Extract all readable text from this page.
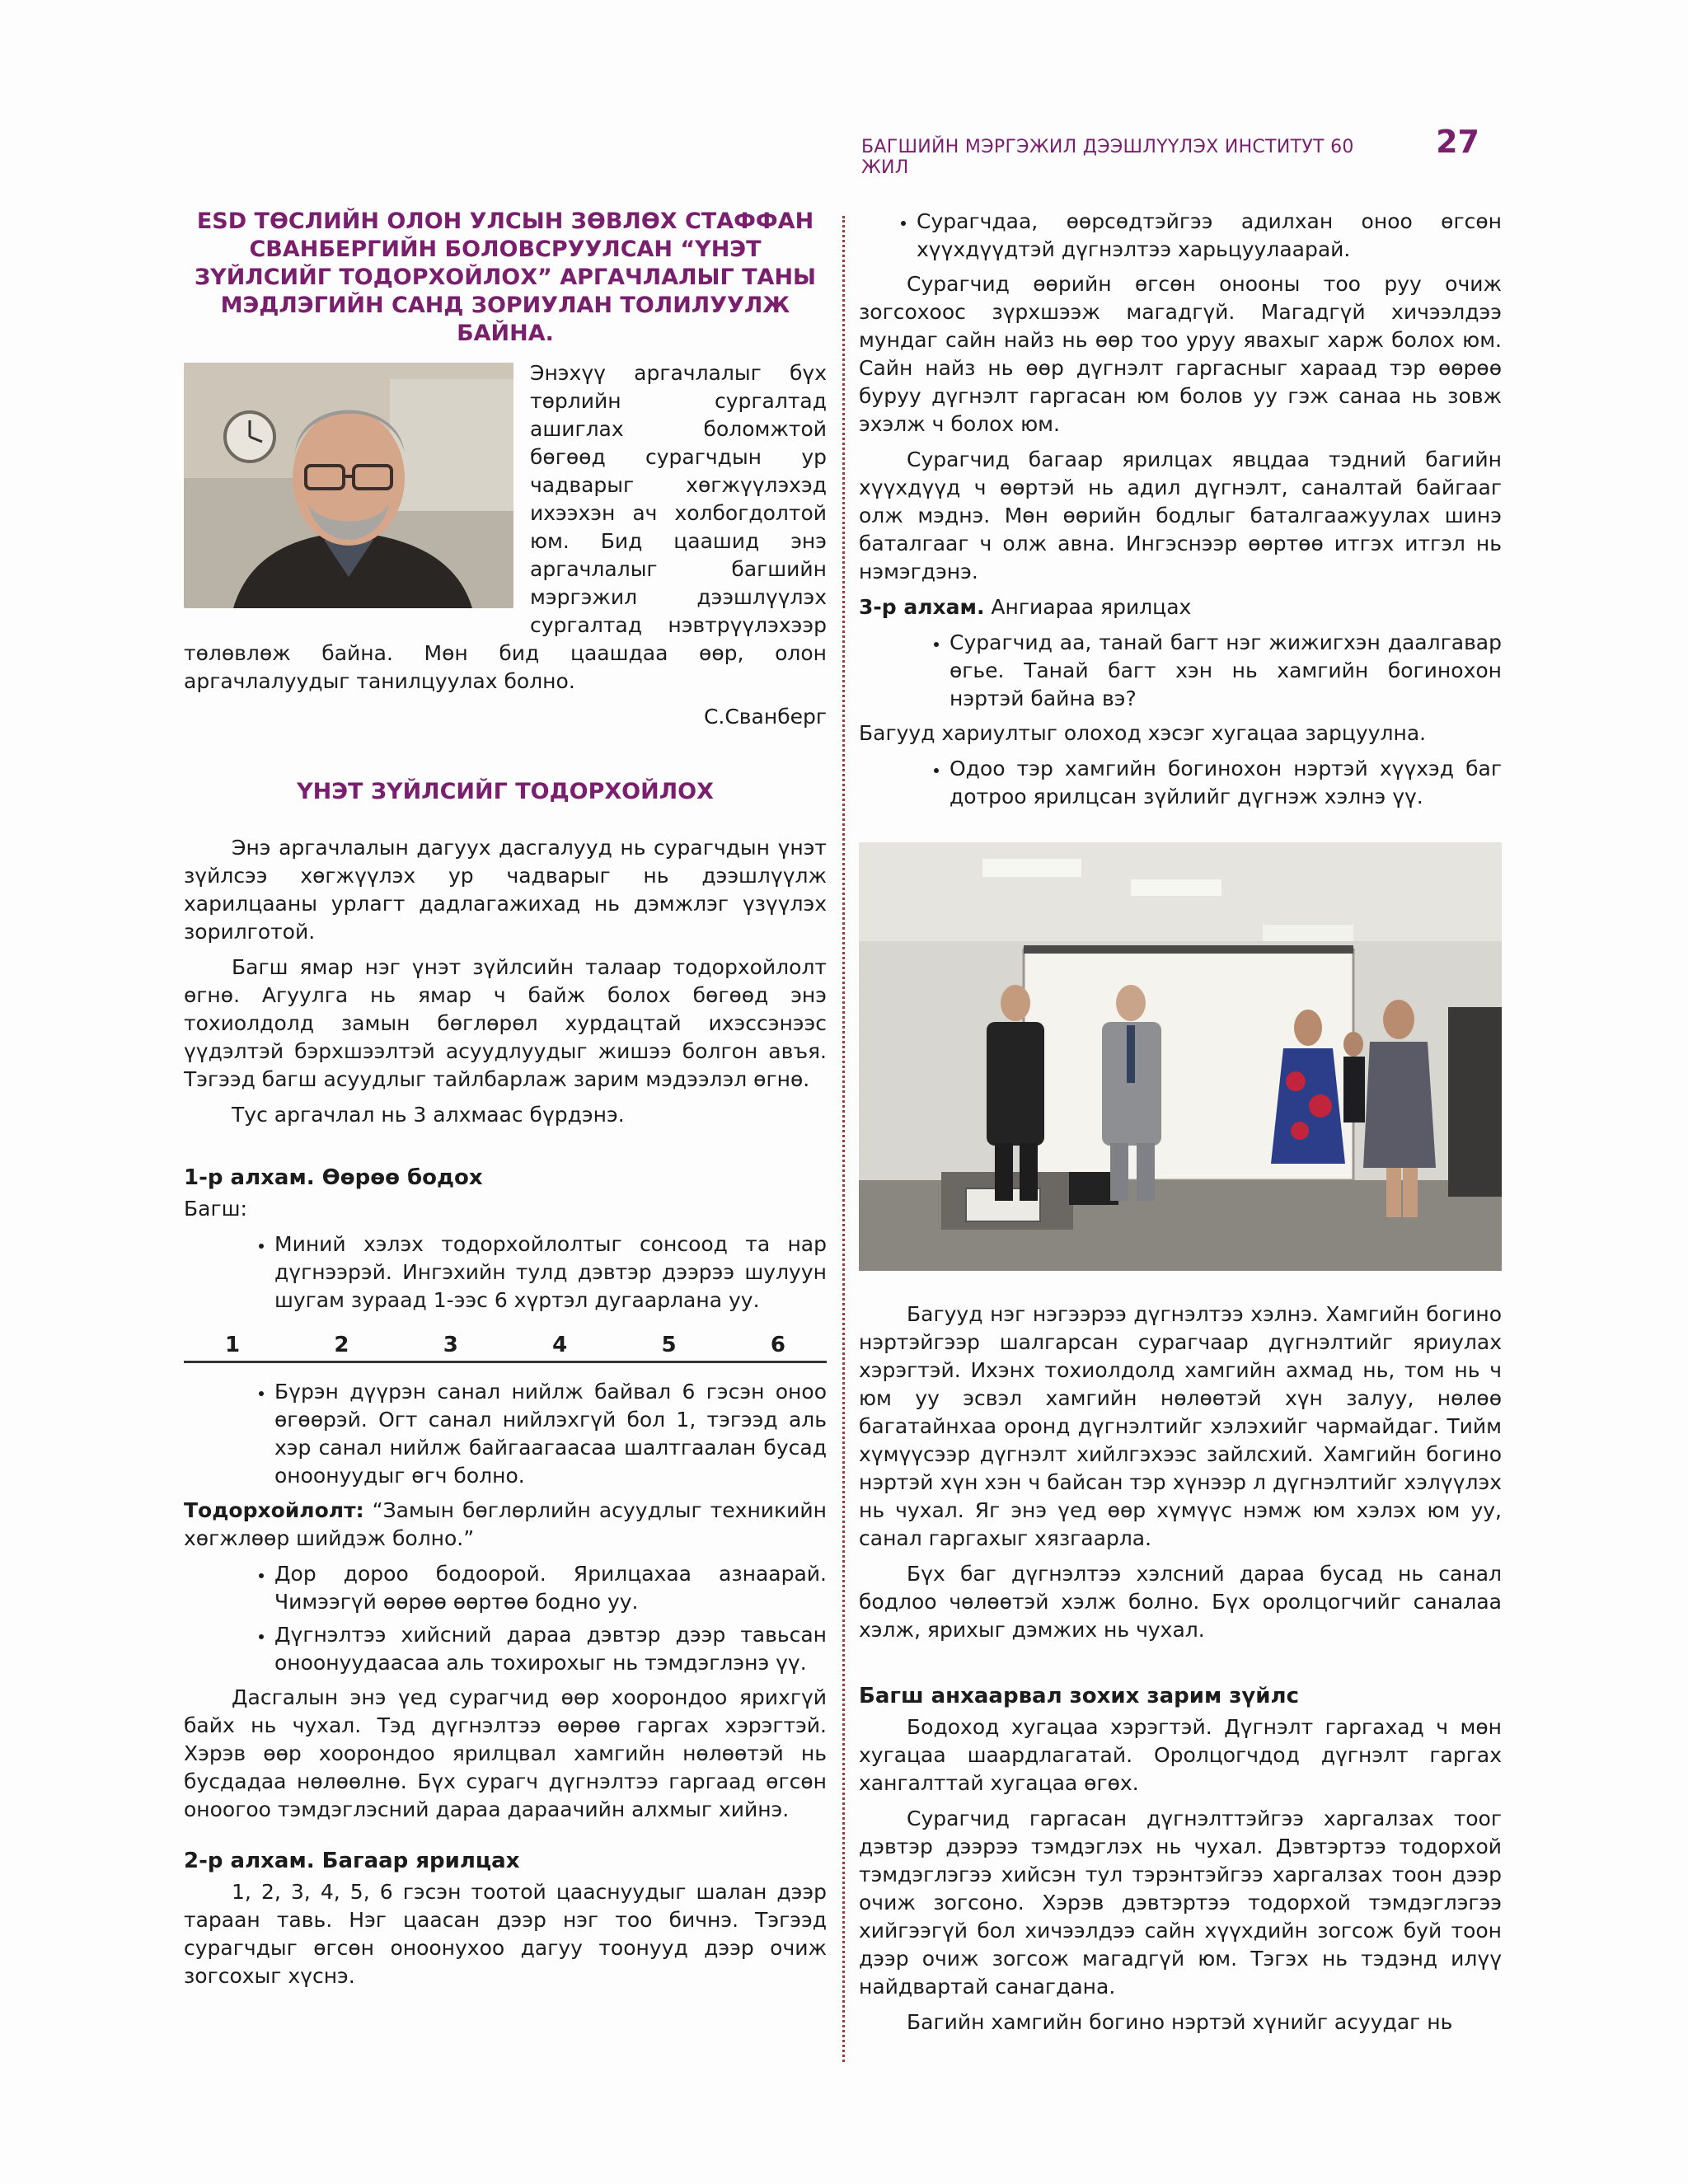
БАГШИЙН МЭРГЭЖИЛ ДЭЭШЛҮҮЛЭХ ИНСТИТУТ 60 ЖИЛ
27
ESD ТӨСЛИЙН ОЛОН УЛСЫН ЗӨВЛӨХ СТАФФАН СВАНБЕРГИЙН БОЛОВСРУУЛСАН “ҮНЭТ ЗҮЙЛСИЙГ ТОДОРХОЙЛОХ” АРГАЧЛАЛЫГ ТАНЫ МЭДЛЭГИЙН САНД ЗОРИУЛАН ТОЛИЛУУЛЖ БАЙНА.

Энэхүү аргачлалыг бүх төрлийн сургалтад ашиглах боломжтой бөгөөд сурагчдын ур чадварыг хөгжүүлэхэд ихээхэн ач холбогдолтой юм. Бид цаашид энэ аргачлалыг багшийн мэргэжил дээшлүүлэх сургалтад нэвтрүүлэхээр төлөвлөж байна. Мөн бид цаашдаа өөр, олон аргачлалуудыг танилцуулах болно.

С.Сванберг

ҮНЭТ ЗҮЙЛСИЙГ ТОДОРХОЙЛОХ

Энэ аргачлалын дагуух дасгалууд нь сурагчдын үнэт зүйлсээ хөгжүүлэх ур чадварыг нь дээшлүүлж харилцааны урлагт дадлагажихад нь дэмжлэг үзүүлэх зорилготой.

Багш ямар нэг үнэт зүйлсийн талаар тодорхойлолт өгнө. Агуулга нь ямар ч байж болох бөгөөд энэ тохиолдолд замын бөглөрөл хурдацтай ихэссэнээс үүдэлтэй бэрхшээлтэй асуудлуудыг жишээ болгон авъя. Тэгээд багш асуудлыг тайлбарлаж зарим мэдээлэл өгнө.

Тус аргачлал нь 3 алхмаас бүрдэнэ.

1-р алхам. Өөрөө бодох

Багш:

• Миний хэлэх тодорхойлолтыг сонсоод та нар дүгнээрэй. Ингэхийн тулд дэвтэр дээрээ шулуун шугам зураад 1-ээс 6 хүртэл дугаарлана уу.
1	2	3	4	5	6
• Бүрэн дүүрэн санал нийлж байвал 6 гэсэн оноо өгөөрэй. Огт санал нийлэхгүй бол 1, тэгээд аль хэр санал нийлж байгаагаасаа шалтгаалан бусад оноонуудыг өгч болно.

Тодорхойлолт: “Замын бөглөрлийн асуудлыг техникийн хөгжлөөр шийдэж болно.”

• Дор дороо бодоорой. Ярилцахаа азнаарай. Чимээгүй өөрөө өөртөө бодно уу.
• Дүгнэлтээ хийсний дараа дэвтэр дээр тавьсан оноонуудаасаа аль тохирохыг нь тэмдэглэнэ үү.

Дасгалын энэ үед сурагчид өөр хоорондоо ярихгүй байх нь чухал. Тэд дүгнэлтээ өөрөө гаргах хэрэгтэй. Хэрэв өөр хоорондоо ярилцвал хамгийн нөлөөтэй нь бусдадаа нөлөөлнө. Бүх сурагч дүгнэлтээ гаргаад өгсөн оноогоо тэмдэглэсний дараа дараачийн алхмыг хийнэ.

2-р алхам. Багаар ярилцах

1, 2, 3, 4, 5, 6 гэсэн тоотой цааснуудыг шалан дээр тараан тавь. Нэг цаасан дээр нэг тоо бичнэ. Тэгээд сурагчдыг өгсөн оноонухоо дагуу тоонууд дээр очиж зогсохыг хүснэ.

• Сурагчдаа, өөрсөдтэйгээ адилхан оноо өгсөн хүүхдүүдтэй дүгнэлтээ харьцуулаарай.

Сурагчид өөрийн өгсөн онооны тоо руу очиж зогсохоос зүрхшээж магадгүй. Магадгүй хичээлдээ мундаг сайн найз нь өөр тоо уруу явахыг харж болох юм. Сайн найз нь өөр дүгнэлт гаргасныг хараад тэр өөрөө буруу дүгнэлт гаргасан юм болов уу гэж санаа нь зовж эхэлж ч болох юм.

Сурагчид багаар ярилцах явцдаа тэдний багийн хүүхдүүд ч өөртэй нь адил дүгнэлт, саналтай байгааг олж мэднэ. Мөн өөрийн бодлыг баталгаажуулах шинэ баталгааг ч олж авна. Ингэснээр өөртөө итгэх итгэл нь нэмэгдэнэ.

3-р алхам. Ангиараа ярилцах

• Сурагчид аа, танай багт нэг жижигхэн даалгавар өгье. Танай багт хэн нь хамгийн богинохон нэртэй байна вэ?

Багууд хариултыг олоход хэсэг хугацаа зарцуулна.

• Одоо тэр хамгийн богинохон нэртэй хүүхэд баг дотроо ярилцсан зүйлийг дүгнэж хэлнэ үү.

Багууд нэг нэгээрээ дүгнэлтээ хэлнэ. Хамгийн богино нэртэйгээр шалгарсан сурагчаар дүгнэлтийг яриулах хэрэгтэй. Ихэнх тохиолдолд хамгийн ахмад нь, том нь ч юм уу эсвэл хамгийн нөлөөтэй хүн залуу, нөлөө багатайнхаа оронд дүгнэлтийг хэлэхийг чармайдаг. Тийм хүмүүсээр дүгнэлт хийлгэхээс зайлсхий. Хамгийн богино нэртэй хүн хэн ч байсан тэр хүнээр л дүгнэлтийг хэлүүлэх нь чухал. Яг энэ үед өөр хүмүүс нэмж юм хэлэх юм уу, санал гаргахыг хязгаарла.

Бүх баг дүгнэлтээ хэлсний дараа бусад нь санал бодлоо чөлөөтэй хэлж болно. Бүх оролцогчийг саналаа хэлж, ярихыг дэмжих нь чухал.

Багш анхаарвал зохих зарим зүйлс

Бодоход хугацаа хэрэгтэй. Дүгнэлт гаргахад ч мөн хугацаа шаардлагатай. Оролцогчдод дүгнэлт гаргах хангалттай хугацаа өгөх.

Сурагчид гаргасан дүгнэлттэйгээ харгалзах тоог дэвтэр дээрээ тэмдэглэх нь чухал. Дэвтэртээ тодорхой тэмдэглэгээ хийсэн тул тэрэнтэйгээ харгалзах тоон дээр очиж зогсоно. Хэрэв дэвтэртээ тодорхой тэмдэглэгээ хийгээгүй бол хичээлдээ сайн хүүхдийн зогсож буй тоон дээр очиж зогсож магадгүй юм. Тэгэх нь тэдэнд илүү найдвартай санагдана.

Багийн хамгийн богино нэртэй хүнийг асуудаг нь
